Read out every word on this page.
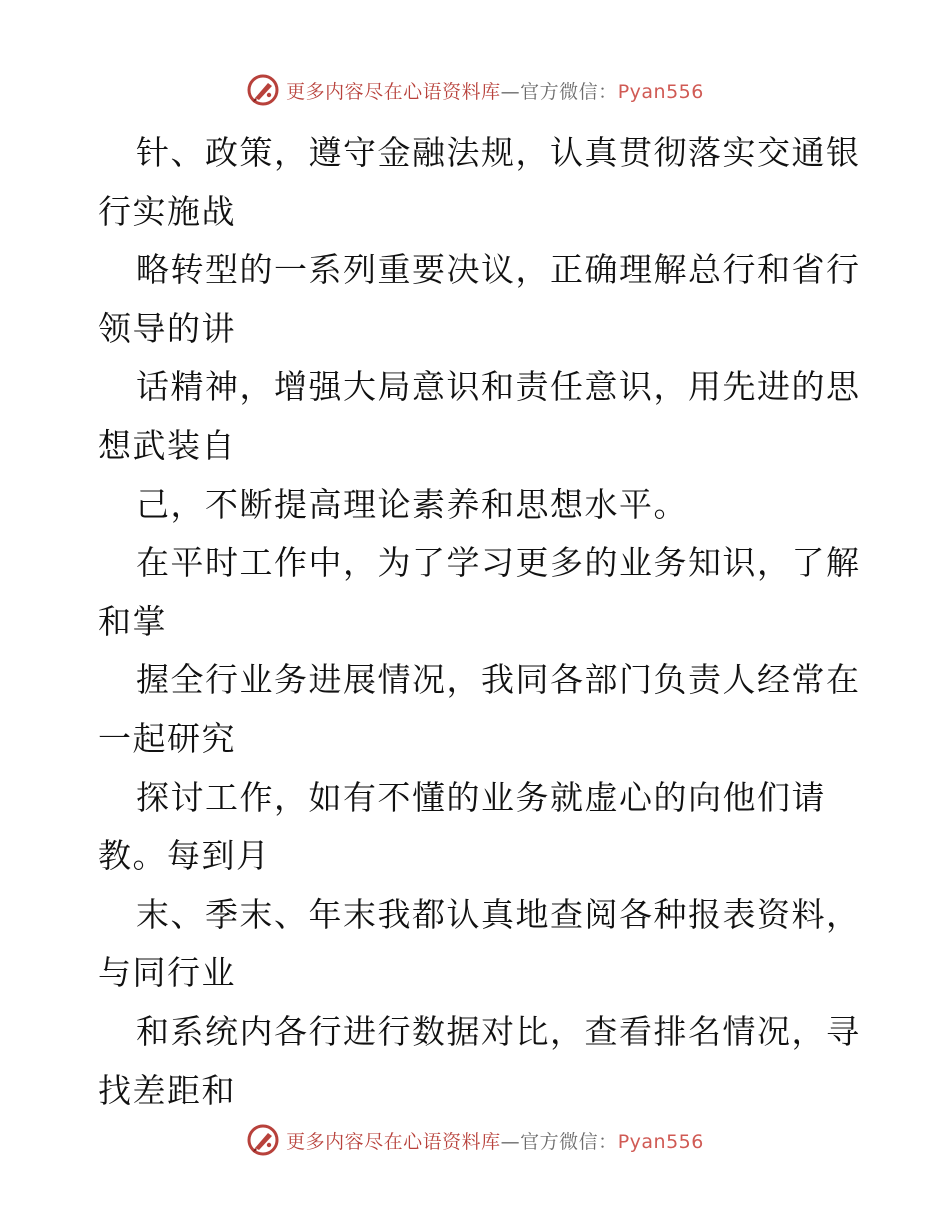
更多内容尽在心语资料库—官方微信：Pyan556
针、政策，遵守金融法规，认真贯彻落实交通银
行实施战
略转型的一系列重要决议，正确理解总行和省行
领导的讲
话精神，增强大局意识和责任意识，用先进的思
想武装自
己，不断提高理论素养和思想水平。
在平时工作中，为了学习更多的业务知识，了解
和掌
握全行业务进展情况，我同各部门负责人经常在
一起研究
探讨工作，如有不懂的业务就虚心的向他们请
教。每到月
末、季末、年末我都认真地查阅各种报表资料，
与同行业
和系统内各行进行数据对比，查看排名情况，寻
找差距和
更多内容尽在心语资料库—官方微信：Pyan556
